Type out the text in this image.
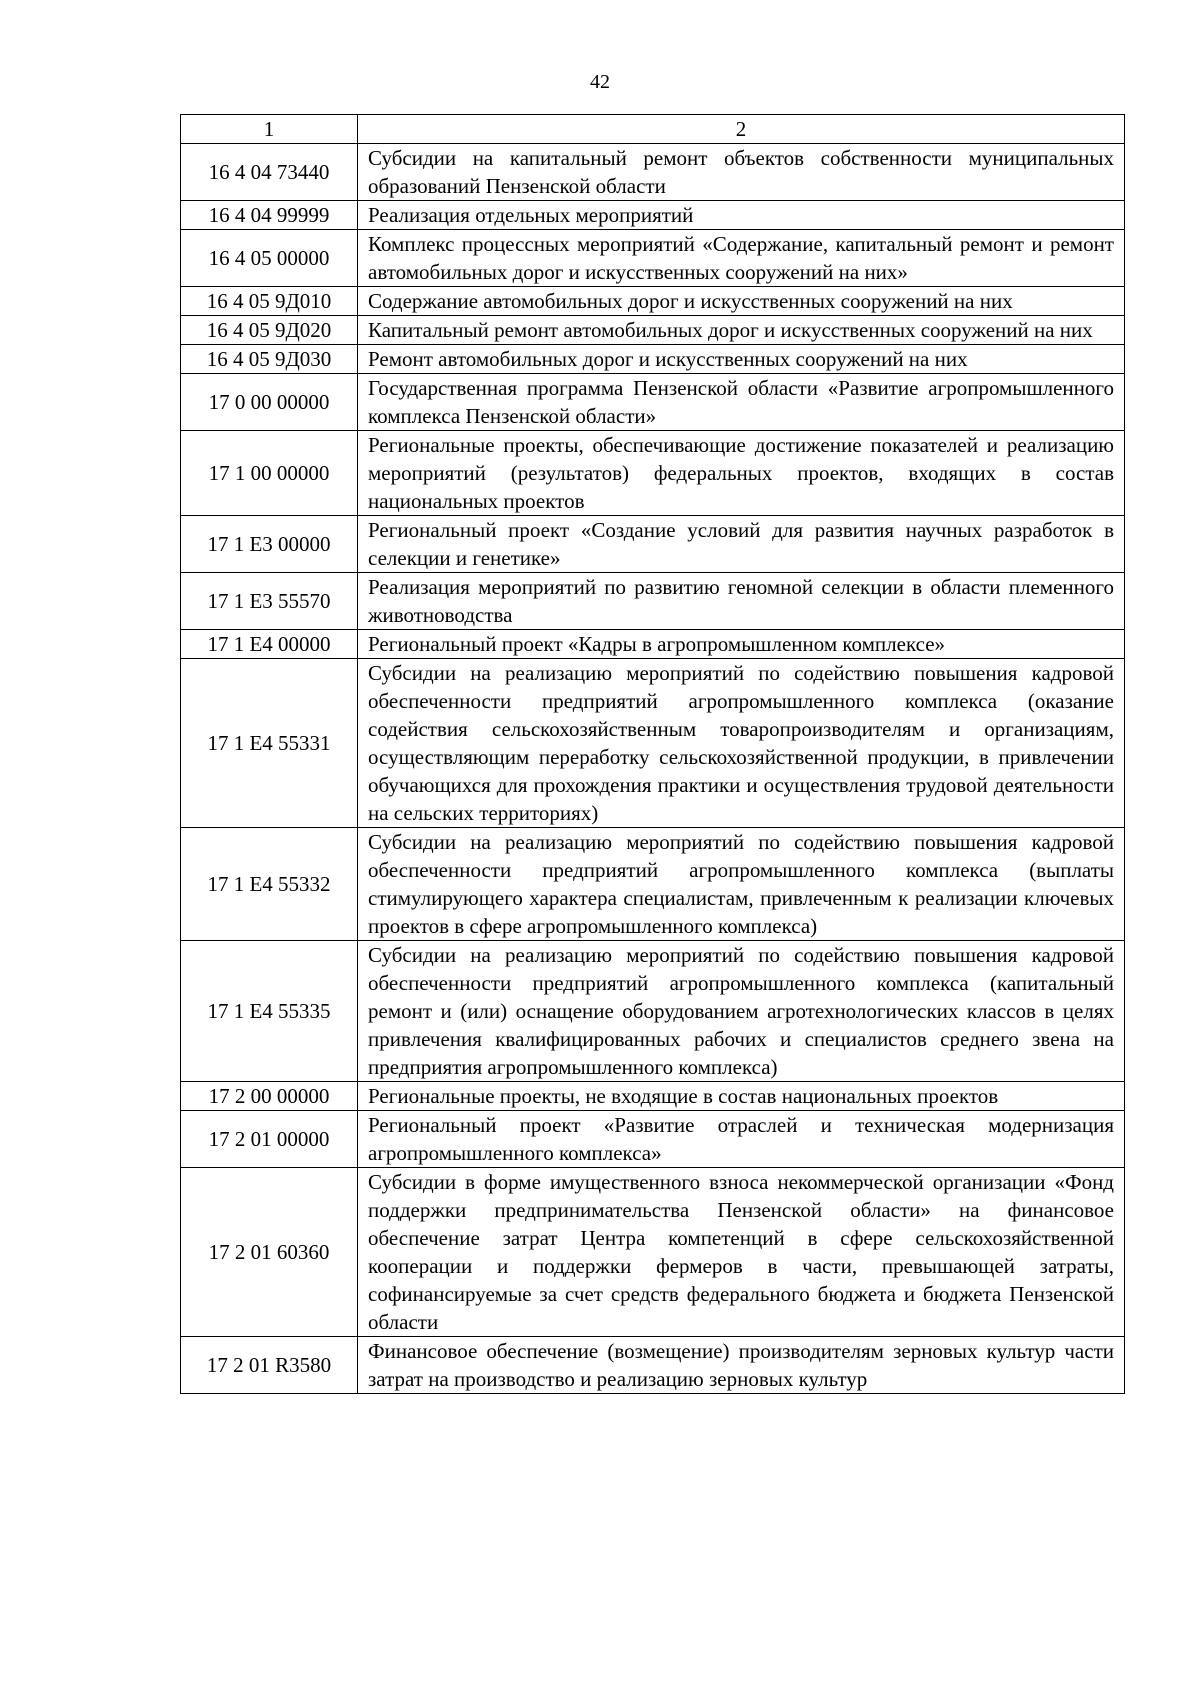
42
1	2
16 4 04 73440	Субсидии на капитальный ремонт объектов собственности муниципальных образований Пензенской области
16 4 04 99999	Реализация отдельных мероприятий
16 4 05 00000	Комплекс процессных мероприятий «Содержание, капитальный ремонт и ремонт автомобильных дорог и искусственных сооружений на них»
16 4 05 9Д010	Содержание автомобильных дорог и искусственных сооружений на них
16 4 05 9Д020	Капитальный ремонт автомобильных дорог и искусственных сооружений на них
16 4 05 9Д030	Ремонт автомобильных дорог и искусственных сооружений на них
17 0 00 00000	Государственная программа Пензенской области «Развитие агропромышленного комплекса Пензенской области»
17 1 00 00000	Региональные проекты, обеспечивающие достижение показателей и реализацию мероприятий (результатов) федеральных проектов, входящих в состав национальных проектов
17 1 Е3 00000	Региональный проект «Создание условий для развития научных разработок в селекции и генетике»
17 1 Е3 55570	Реализация мероприятий по развитию геномной селекции в области племенного животноводства
17 1 Е4 00000	Региональный проект «Кадры в агропромышленном комплексе»
17 1 Е4 55331	Субсидии на реализацию мероприятий по содействию повышения кадровой обеспеченности предприятий агропромышленного комплекса (оказание содействия сельскохозяйственным товаропроизводителям и организациям, осуществляющим переработку сельскохозяйственной продукции, в привлечении обучающихся для прохождения практики и осуществления трудовой деятельности на сельских территориях)
17 1 Е4 55332	Субсидии на реализацию мероприятий по содействию повышения кадровой обеспеченности предприятий агропромышленного комплекса (выплаты стимулирующего характера специалистам, привлеченным к реализации ключевых проектов в сфере агропромышленного комплекса)
17 1 Е4 55335	Субсидии на реализацию мероприятий по содействию повышения кадровой обеспеченности предприятий агропромышленного комплекса (капитальный ремонт и (или) оснащение оборудованием агротехнологических классов в целях привлечения квалифицированных рабочих и специалистов среднего звена на предприятия агропромышленного комплекса)
17 2 00 00000	Региональные проекты, не входящие в состав национальных проектов
17 2 01 00000	Региональный проект «Развитие отраслей и техническая модернизация агропромышленного комплекса»
17 2 01 60360	Субсидии в форме имущественного взноса некоммерческой организации «Фонд поддержки предпринимательства Пензенской области» на финансовое обеспечение затрат Центра компетенций в сфере сельскохозяйственной кооперации и поддержки фермеров в части, превышающей затраты, софинансируемые за счет средств федерального бюджета и бюджета Пензенской области
17 2 01 R3580	Финансовое обеспечение (возмещение) производителям зерновых культур части затрат на производство и реализацию зерновых культур
